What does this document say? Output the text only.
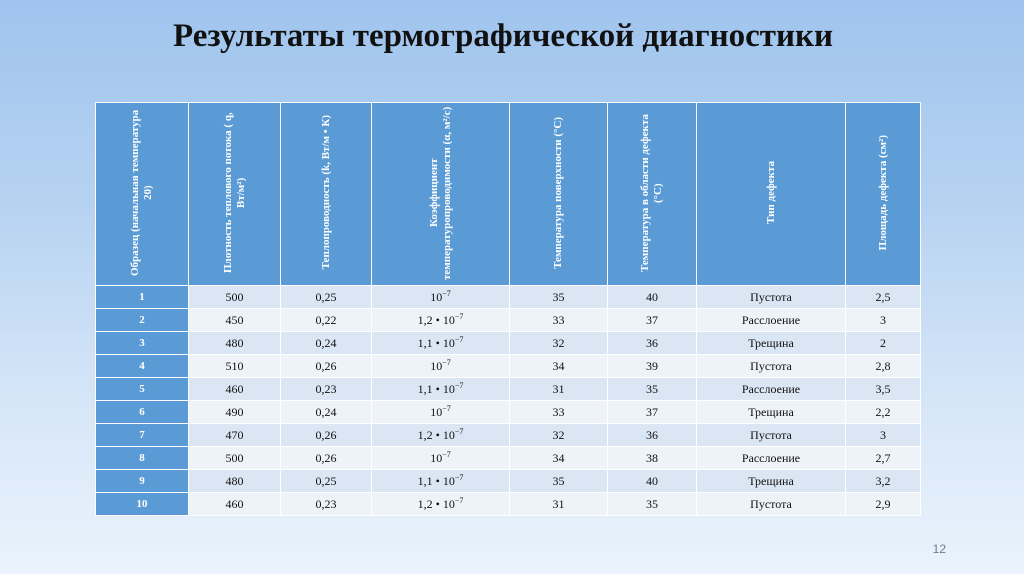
Результаты термографической диагностики
Образец (начальная температура 20)	Плотность теплового потока ( q, Вт/м²)	Теплопроводность (k, Вт/м • К)	Коэффициент температуропроводимости (α, м²/с)	Температура поверхности (°С)	Температура в области дефекта (°С)	Тип дефекта	Площадь дефекта (см²)
1	500	0,25	$10^{-7}$	35	40	Пустота	2,5
2	450	0,22	1,2 • $10^{-7}$	33	37	Расслоение	3
3	480	0,24	1,1 • $10^{-7}$	32	36	Трещина	2
4	510	0,26	$10^{-7}$	34	39	Пустота	2,8
5	460	0,23	1,1 • $10^{-7}$	31	35	Расслоение	3,5
6	490	0,24	$10^{-7}$	33	37	Трещина	2,2
7	470	0,26	1,2 • $10^{-7}$	32	36	Пустота	3
8	500	0,26	$10^{-7}$	34	38	Расслоение	2,7
9	480	0,25	1,1 • $10^{-7}$	35	40	Трещина	3,2
10	460	0,23	1,2 • $10^{-7}$	31	35	Пустота	2,9
12
